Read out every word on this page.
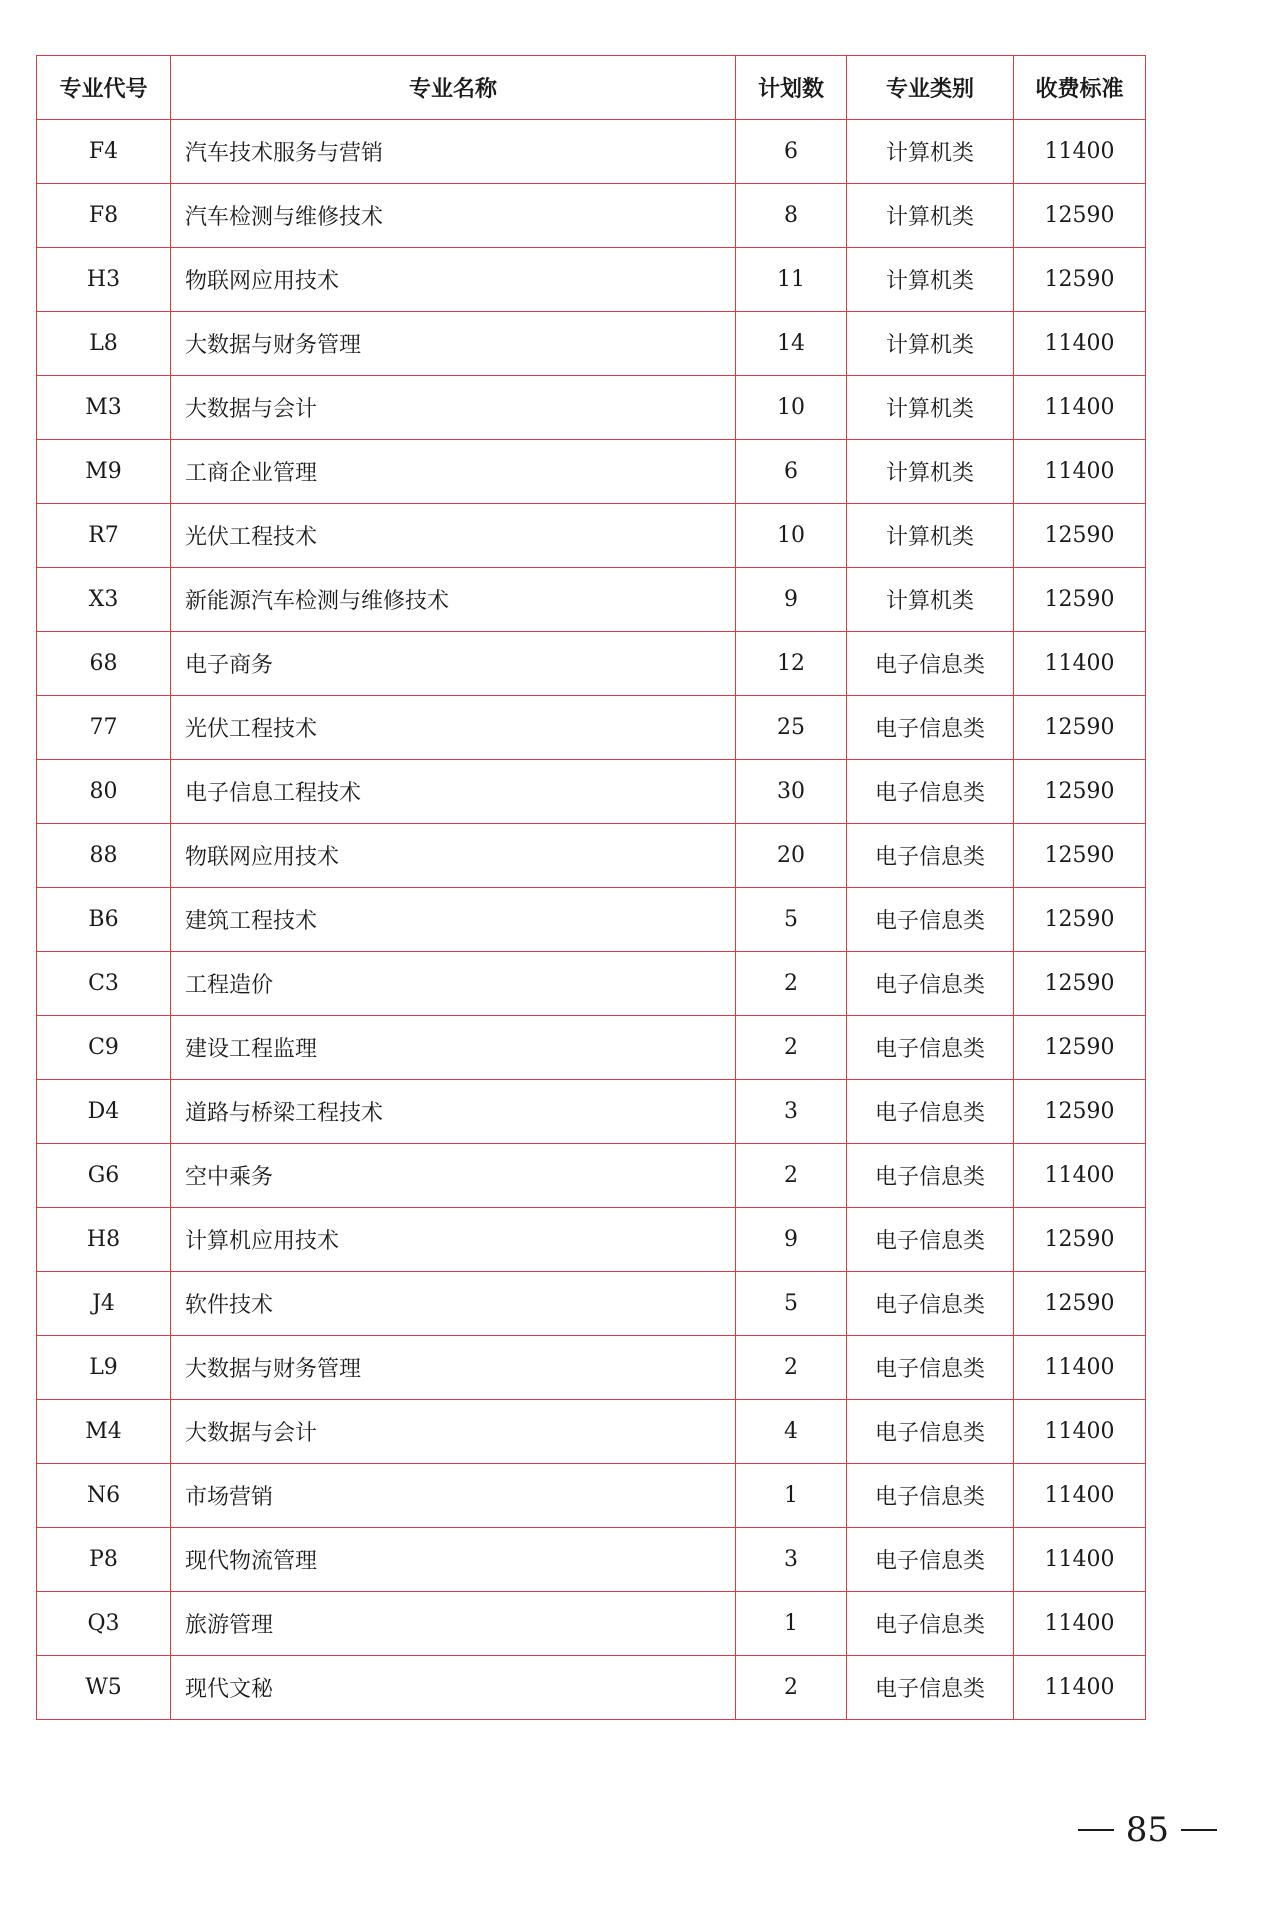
专业代号	专业名称	计划数	专业类别	收费标准
F4	汽车技术服务与营销	6	计算机类	11400
F8	汽车检测与维修技术	8	计算机类	12590
H3	物联网应用技术	11	计算机类	12590
L8	大数据与财务管理	14	计算机类	11400
M3	大数据与会计	10	计算机类	11400
M9	工商企业管理	6	计算机类	11400
R7	光伏工程技术	10	计算机类	12590
X3	新能源汽车检测与维修技术	9	计算机类	12590
68	电子商务	12	电子信息类	11400
77	光伏工程技术	25	电子信息类	12590
80	电子信息工程技术	30	电子信息类	12590
88	物联网应用技术	20	电子信息类	12590
B6	建筑工程技术	5	电子信息类	12590
C3	工程造价	2	电子信息类	12590
C9	建设工程监理	2	电子信息类	12590
D4	道路与桥梁工程技术	3	电子信息类	12590
G6	空中乘务	2	电子信息类	11400
H8	计算机应用技术	9	电子信息类	12590
J4	软件技术	5	电子信息类	12590
L9	大数据与财务管理	2	电子信息类	11400
M4	大数据与会计	4	电子信息类	11400
N6	市场营销	1	电子信息类	11400
P8	现代物流管理	3	电子信息类	11400
Q3	旅游管理	1	电子信息类	11400
W5	现代文秘	2	电子信息类	11400
85
